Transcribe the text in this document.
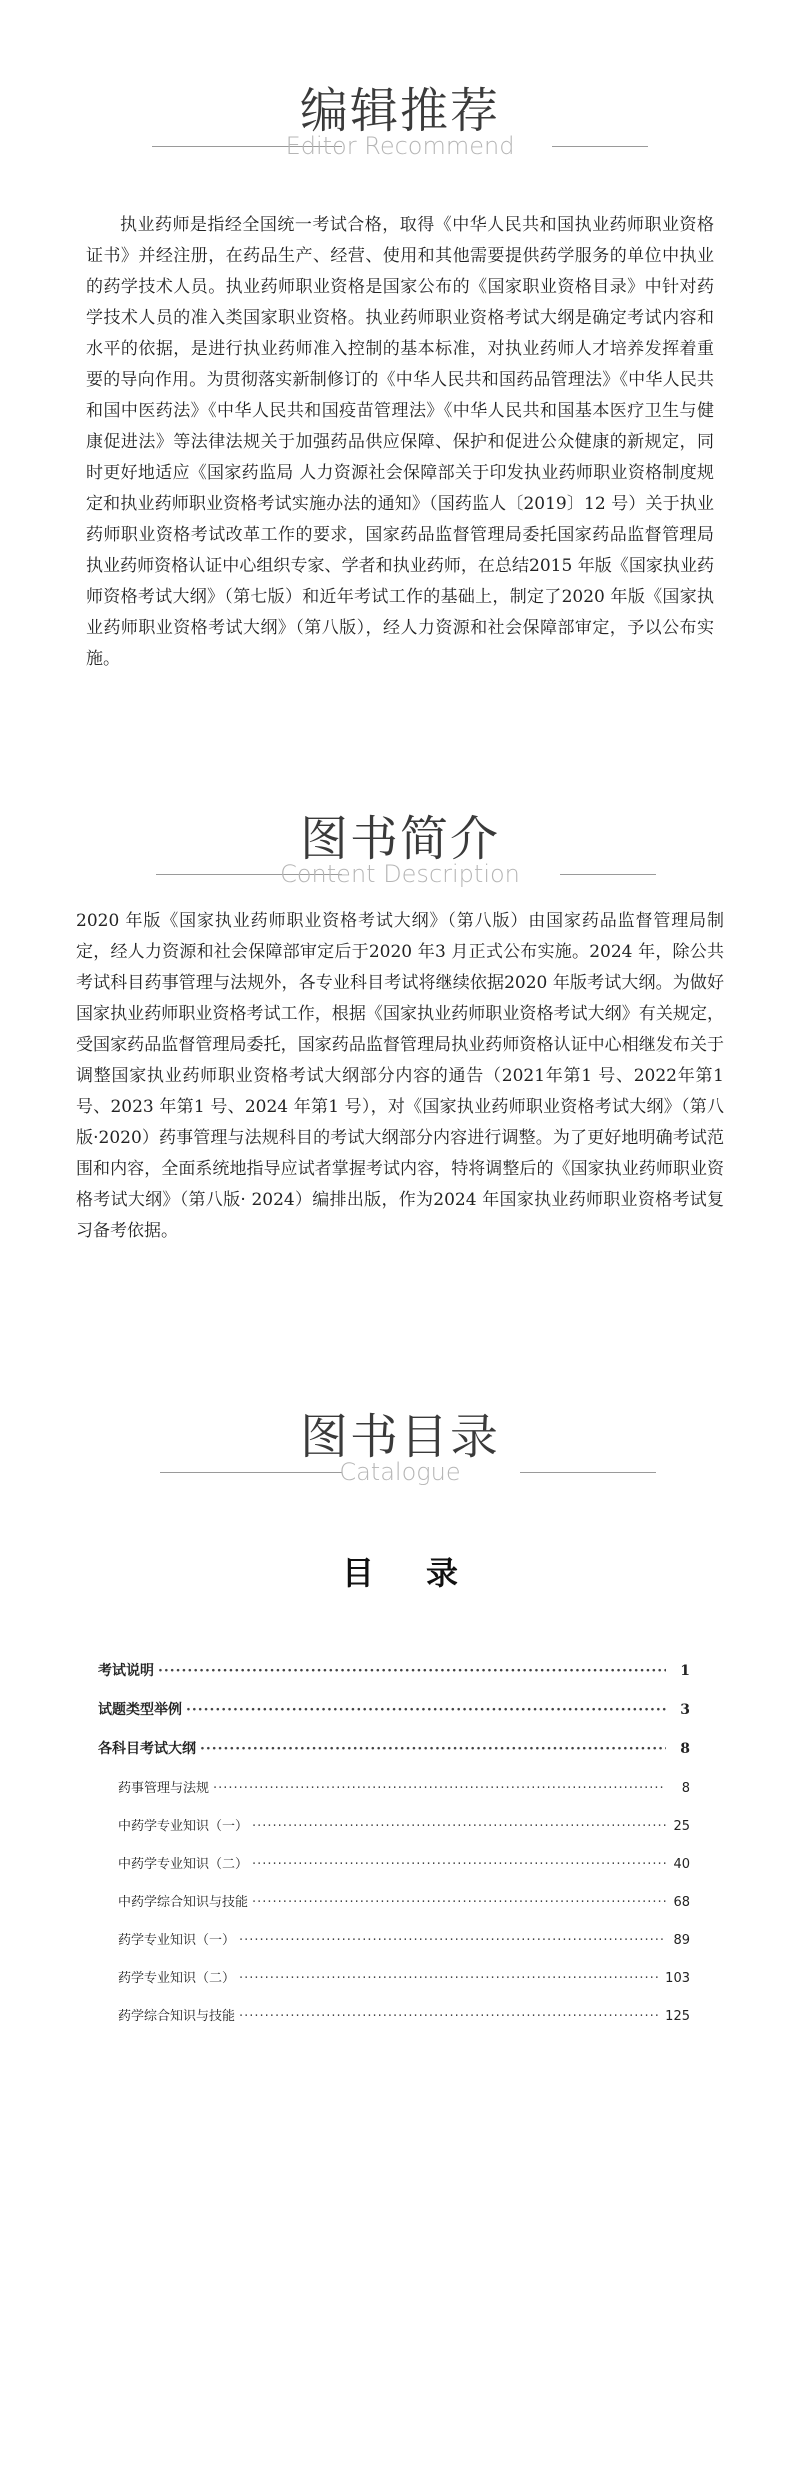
编辑推荐
Editor Recommend
执业药师是指经全国统一考试合格，取得《中华人民共和国执业药师职业资格证书》并经注册，在药品生产、经营、使用和其他需要提供药学服务的单位中执业的药学技术人员。执业药师职业资格是国家公布的《国家职业资格目录》中针对药学技术人员的准入类国家职业资格。执业药师职业资格考试大纲是确定考试内容和水平的依据，是进行执业药师准入控制的基本标准，对执业药师人才培养发挥着重要的导向作用。为贯彻落实新制修订的《中华人民共和国药品管理法》《中华人民共和国中医药法》《中华人民共和国疫苗管理法》《中华人民共和国基本医疗卫生与健康促进法》等法律法规关于加强药品供应保障、保护和促进公众健康的新规定，同时更好地适应《国家药监局 人力资源社会保障部关于印发执业药师职业资格制度规定和执业药师职业资格考试实施办法的通知》（国药监人〔2019〕12 号）关于执业药师职业资格考试改革工作的要求，国家药品监督管理局委托国家药品监督管理局执业药师资格认证中心组织专家、学者和执业药师，在总结2015 年版《国家执业药师资格考试大纲》（第七版）和近年考试工作的基础上，制定了2020 年版《国家执业药师职业资格考试大纲》（第八版），经人力资源和社会保障部审定，予以公布实施。
图书简介
Content Description
2020 年版《国家执业药师职业资格考试大纲》（第八版）由国家药品监督管理局制定，经人力资源和社会保障部审定后于2020 年3 月正式公布实施。2024 年，除公共考试科目药事管理与法规外，各专业科目考试将继续依据2020 年版考试大纲。为做好国家执业药师职业资格考试工作，根据《国家执业药师职业资格考试大纲》有关规定，受国家药品监督管理局委托，国家药品监督管理局执业药师资格认证中心相继发布关于调整国家执业药师职业资格考试大纲部分内容的通告（2021年第1 号、2022年第1 号、2023 年第1 号、2024 年第1 号），对《国家执业药师职业资格考试大纲》（第八版·2020）药事管理与法规科目的考试大纲部分内容进行调整。为了更好地明确考试范围和内容，全面系统地指导应试者掌握考试内容，特将调整后的《国家执业药师职业资格考试大纲》（第八版· 2024）编排出版，作为2024 年国家执业药师职业资格考试复习备考依据。
图书目录
Catalogue
目录
考试说明 ·····	1
试题类型举例 ·····	3
各科目考试大纲 ·····	8
药事管理与法规 ·····	8
中药学专业知识（一） ·····	25
中药学专业知识（二） ·····	40
中药学综合知识与技能 ·····	68
药学专业知识（一） ·····	89
药学专业知识（二） ·····	103
药学综合知识与技能 ·····	125
